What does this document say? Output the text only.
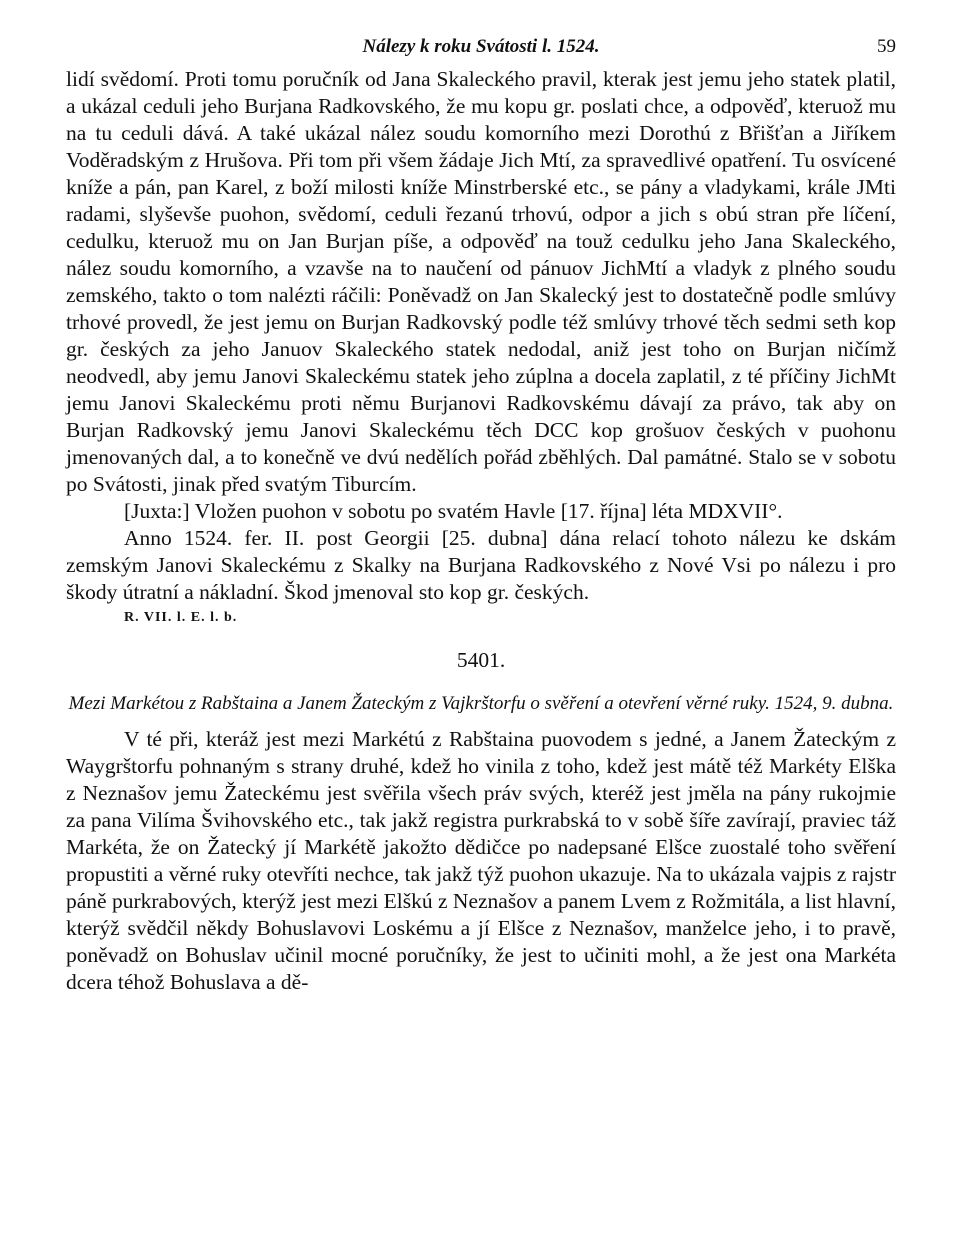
Nálezy k roku Svátosti l. 1524.	59

lidí svědomí. Proti tomu poručník od Jana Skaleckého pravil, kterak jest jemu jeho statek platil, a ukázal ceduli jeho Burjana Radkovského, že mu kopu gr. poslati chce, a odpověď, kteruož mu na tu ceduli dává. A také ukázal nález soudu komorního mezi Dorothú z Břišťan a Jiříkem Voděradským z Hrušova. Při tom při všem žádaje Jich Mtí, za spravedlivé opatření. Tu osvícené kníže a pán, pan Karel, z boží milosti kníže Minstrberské etc., se pány a vladykami, krále JMti radami, slyševše puohon, svědomí, ceduli řezanú trhovú, odpor a jich s obú stran pře líčení, cedulku, kteruož mu on Jan Burjan píše, a odpověď na touž cedulku jeho Jana Skaleckého, nález soudu komorního, a vzavše na to naučení od pánuov JichMtí a vladyk z plného soudu zemského, takto o tom nalézti ráčili: Poněvadž on Jan Skalecký jest to dostatečně podle smlúvy trhové provedl, že jest jemu on Burjan Radkovský podle též smlúvy trhové těch sedmi seth kop gr. českých za jeho Januov Skaleckého statek nedodal, aniž jest toho on Burjan ničímž neodvedl, aby jemu Janovi Skaleckému statek jeho zúplna a docela zaplatil, z té příčiny JichMt jemu Janovi Skaleckému proti němu Burjanovi Radkovskému dávají za právo, tak aby on Burjan Radkovský jemu Janovi Skaleckému těch DCC kop grošuov českých v puohonu jmenovaných dal, a to konečně ve dvú nedělích pořád zběhlých. Dal památné. Stalo se v sobotu po Svátosti, jinak před svatým Tiburcím.

[Juxta:] Vložen puohon v sobotu po svatém Havle [17. října] léta MDXVII°.

Anno 1524. fer. II. post Georgii [25. dubna] dána relací tohoto nálezu ke dskám zemským Janovi Skaleckému z Skalky na Burjana Radkovského z Nové Vsi po nálezu i pro škody útratní a nákladní. Škod jmenoval sto kop gr. českých.

R. VII. l. E. l. b.
5401.

Mezi Markétou z Rabštaina a Janem Žateckým z Vajkrštorfu o svěření a otevření věrné ruky. 1524, 9. dubna.

V té při, kteráž jest mezi Markétú z Rabštaina puovodem s jedné, a Janem Žateckým z Waygrštorfu pohnaným s strany druhé, kdež ho vinila z toho, kdež jest mátě též Markéty Elška z Neznašov jemu Žateckému jest svěřila všech práv svých, kteréž jest jměla na pány rukojmie za pana Vilíma Švihovského etc., tak jakž registra purkrabská to v sobě šíře zavírají, praviec táž Markéta, že on Žatecký jí Markétě jakožto dědičce po nadepsané Elšce zuostalé toho svěření propustiti a věrné ruky otevříti nechce, tak jakž týž puohon ukazuje. Na to ukázala vajpis z rajstr páně purkrabových, kterýž jest mezi Elškú z Neznašov a panem Lvem z Rožmitála, a list hlavní, kterýž svědčil někdy Bohuslavovi Loskému a jí Elšce z Neznašov, manželce jeho, i to pravě, poněvadž on Bohuslav učinil mocné poručníky, že jest to učiniti mohl, a že jest ona Markéta dcera téhož Bohuslava a dě-
